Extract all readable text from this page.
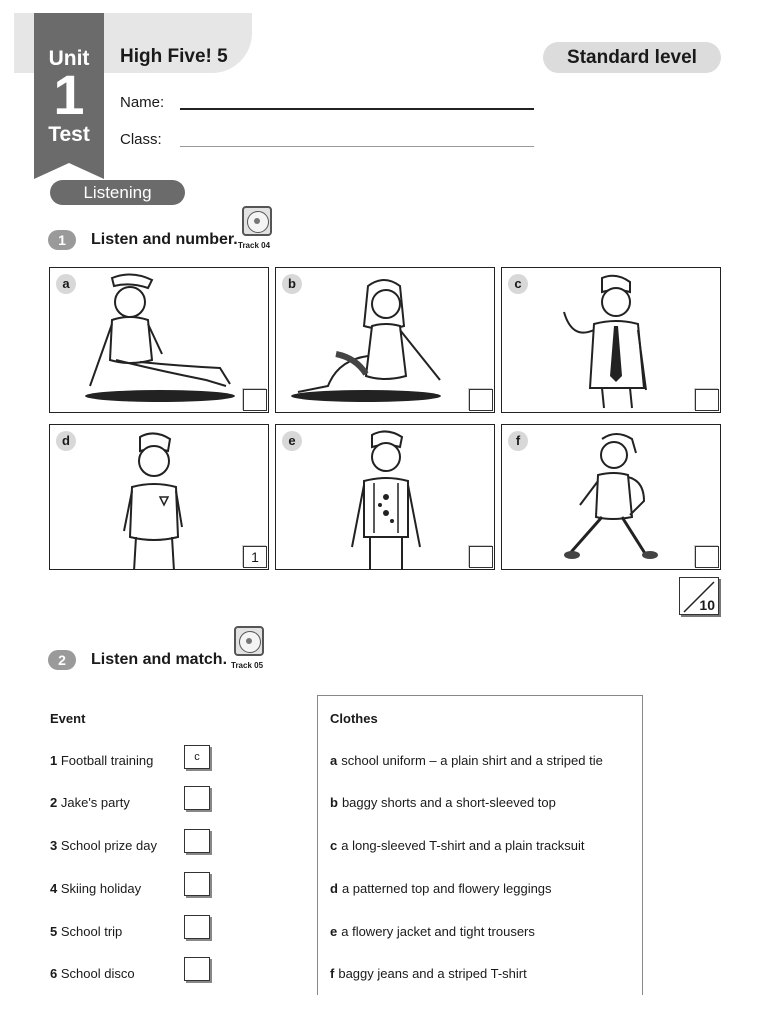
Unit
1
Test
High Five! 5	Standard level
Name:
Class:
Listening
1	Listen and number. Track 04
a	b	c
d
1
e	f
10
2	Listen and match. Track 05
Event	Clothes
1 Football training	c
2 Jake's party
3 School prize day
4 Skiing holiday
5 School trip
6 School disco
a school uniform – a plain shirt and a striped tie
b baggy shorts and a short-sleeved top
c a long-sleeved T-shirt and a plain tracksuit
d a patterned top and flowery leggings
e a flowery jacket and tight trousers
f baggy jeans and a striped T-shirt
